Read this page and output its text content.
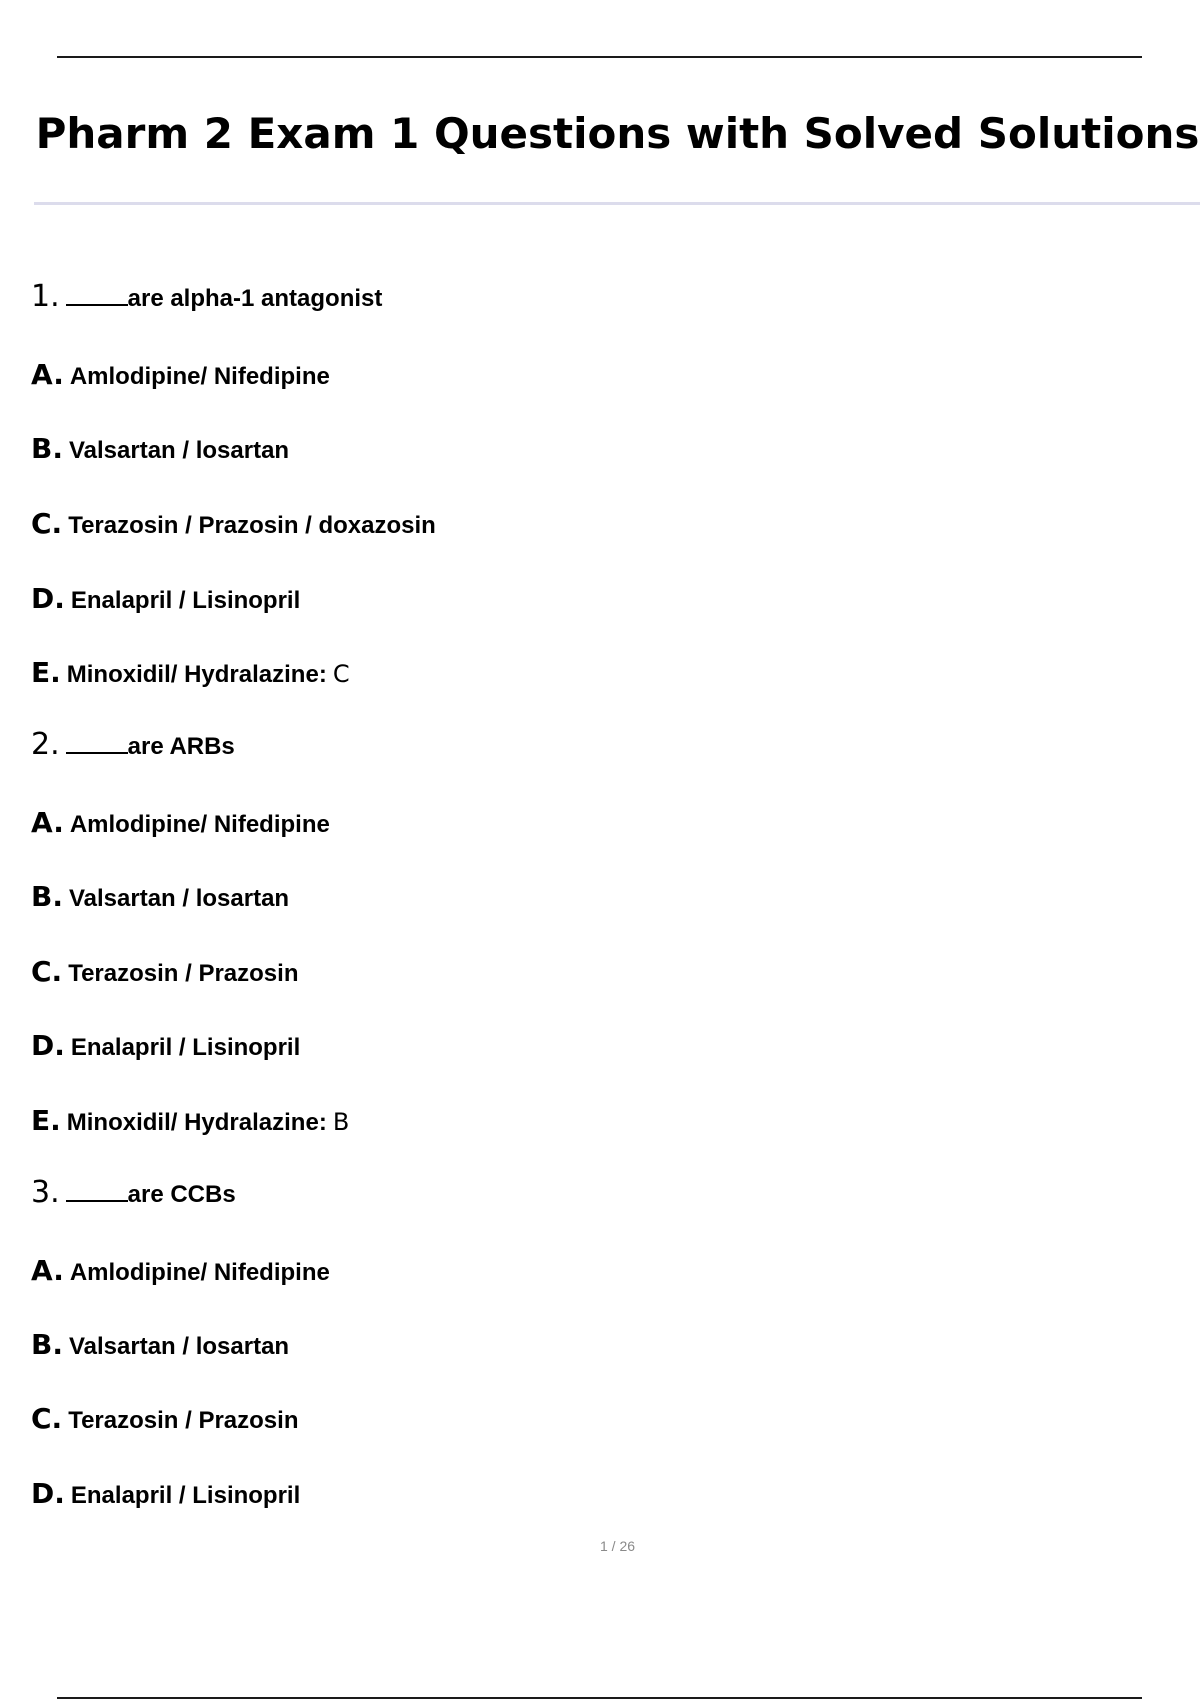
Pharm 2 Exam 1 Questions with Solved Solutions
1.	are alpha-1 antagonist
A. Amlodipine/ Nifedipine
B. Valsartan / losartan
C. Terazosin / Prazosin / doxazosin
D. Enalapril / Lisinopril
E. Minoxidil/ Hydralazine: C
2.	are ARBs
A. Amlodipine/ Nifedipine
B. Valsartan / losartan
C. Terazosin / Prazosin
D. Enalapril / Lisinopril
E. Minoxidil/ Hydralazine: B
3.	are CCBs
A. Amlodipine/ Nifedipine
B. Valsartan / losartan
C. Terazosin / Prazosin
D. Enalapril / Lisinopril
1 / 26
